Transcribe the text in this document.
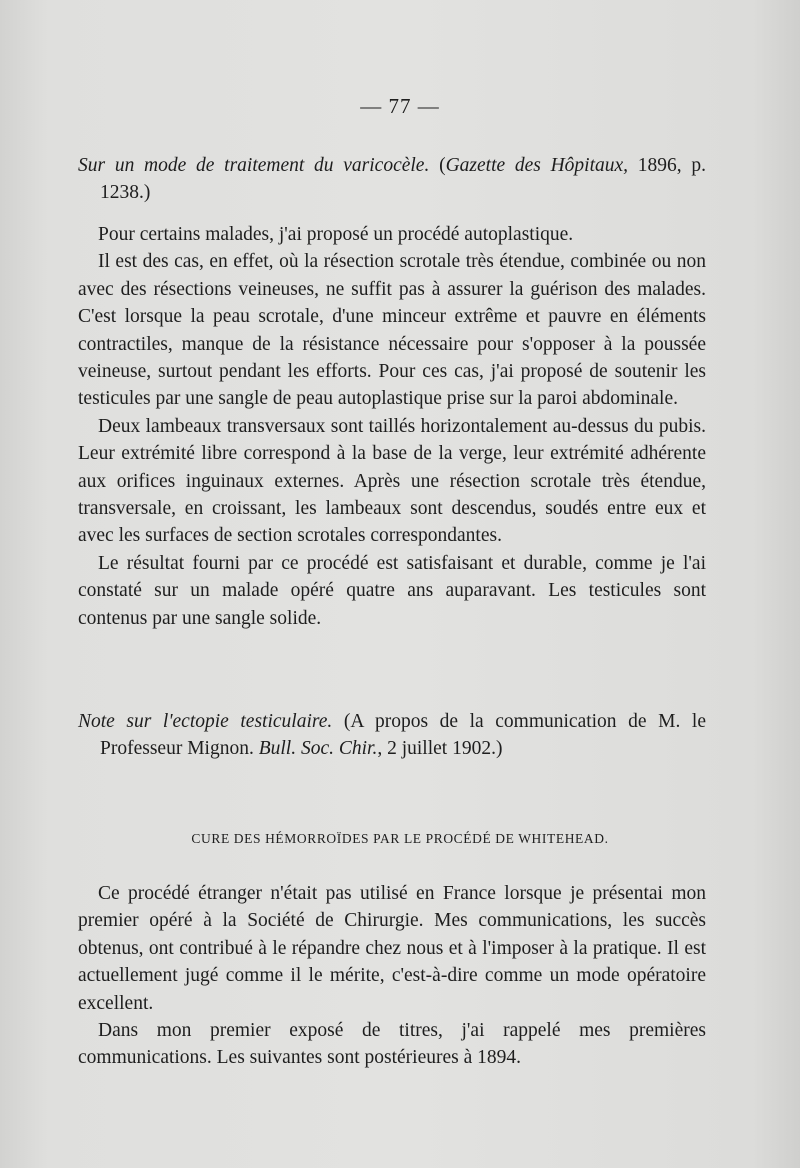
— 77 —

Sur un mode de traitement du varicocèle. (Gazette des Hôpitaux, 1896, p. 1238.)

Pour certains malades, j'ai proposé un procédé autoplastique.

Il est des cas, en effet, où la résection scrotale très étendue, combinée ou non avec des résections veineuses, ne suffit pas à assurer la guérison des malades. C'est lorsque la peau scrotale, d'une minceur extrême et pauvre en éléments contractiles, manque de la résistance nécessaire pour s'opposer à la poussée veineuse, surtout pendant les efforts. Pour ces cas, j'ai proposé de soutenir les testicules par une sangle de peau autoplastique prise sur la paroi abdominale.

Deux lambeaux transversaux sont taillés horizontalement au-dessus du pubis. Leur extrémité libre correspond à la base de la verge, leur extrémité adhérente aux orifices inguinaux externes. Après une résection scrotale très étendue, transversale, en croissant, les lambeaux sont descendus, soudés entre eux et avec les surfaces de section scrotales correspondantes.

Le résultat fourni par ce procédé est satisfaisant et durable, comme je l'ai constaté sur un malade opéré quatre ans auparavant. Les testicules sont contenus par une sangle solide.

Note sur l'ectopie testiculaire. (A propos de la communication de M. le Professeur Mignon. Bull. Soc. Chir., 2 juillet 1902.)

CURE DES HÉMORROÏDES PAR LE PROCÉDÉ DE WHITEHEAD.

Ce procédé étranger n'était pas utilisé en France lorsque je présentai mon premier opéré à la Société de Chirurgie. Mes communications, les succès obtenus, ont contribué à le répandre chez nous et à l'imposer à la pratique. Il est actuellement jugé comme il le mérite, c'est-à-dire comme un mode opératoire excellent.

Dans mon premier exposé de titres, j'ai rappelé mes premières communications. Les suivantes sont postérieures à 1894.
